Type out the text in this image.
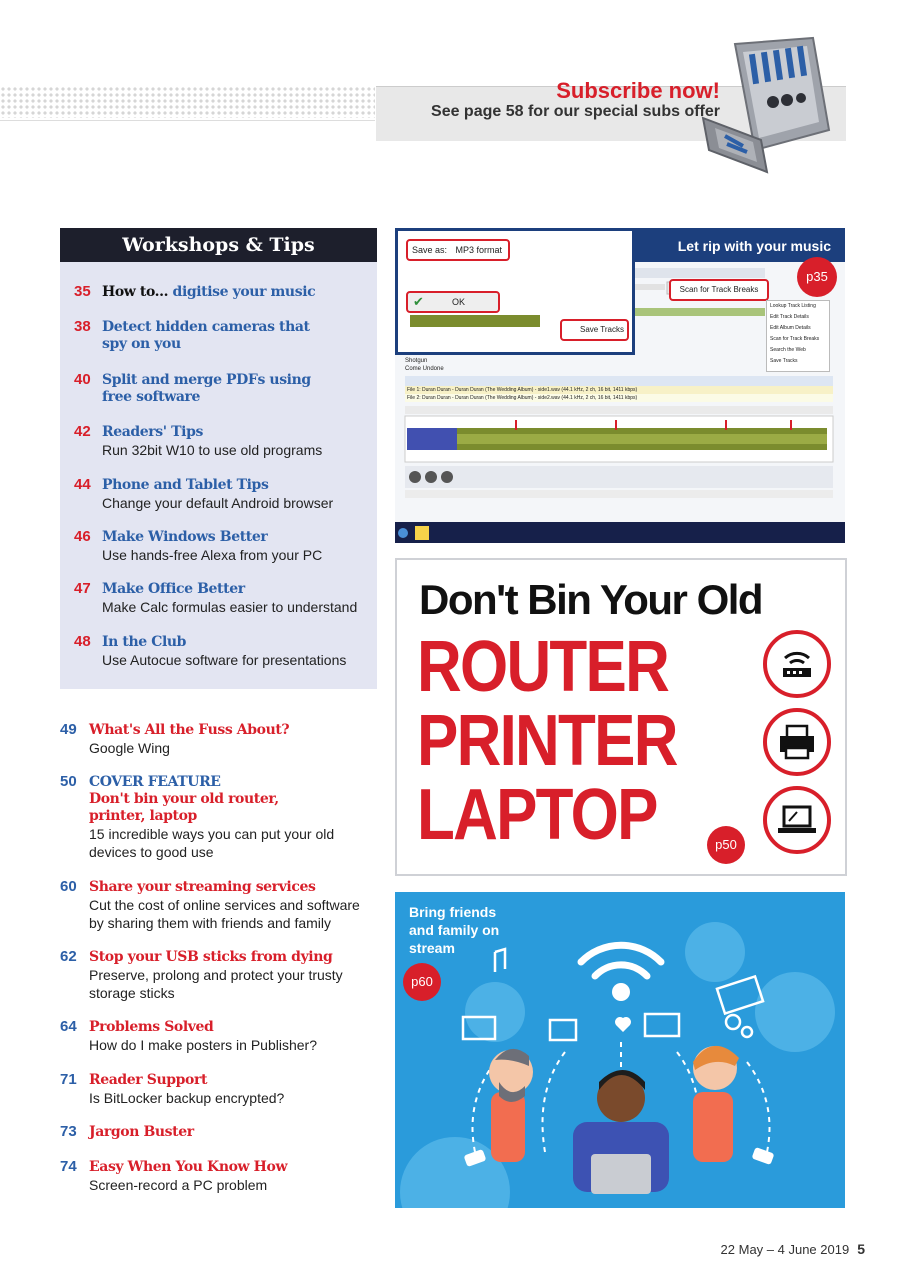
Subscribe now!
See page 58 for our special subs offer
Workshops & Tips
35 How to... digitise your music
38 Detect hidden cameras that
spy on you
40 Split and merge PDFs using
free software
42 Readers' Tips
Run 32bit W10 to use old programs
44 Phone and Tablet Tips
Change your default Android browser
46 Make Windows Better
Use hands-free Alexa from your PC
47 Make Office Better
Make Calc formulas easier to understand
48 In the Club
Use Autocue software for presentations
49 What's All the Fuss About?
Google Wing
50 COVER FEATURE
Don't bin your old router,
printer, laptop
15 incredible ways you can put your old
devices to good use
60 Share your streaming services
Cut the cost of online services and software
by sharing them with friends and family
62 Stop your USB sticks from dying
Preserve, prolong and protect your trusty
storage sticks
64 Problems Solved
How do I make posters in Publisher?
71 Reader Support
Is BitLocker backup encrypted?
73 Jargon Buster
74 Easy When You Know How
Screen-record a PC problem
Let rip with your music
p35
Save as: MP3 format
✔	OK
Save Tracks
Scan for Track Breaks
Lookup Track Listing
Edit Track Details
Edit Album Details
Scan for Track Breaks
Search the Web
Save Tracks
Shotgun
Come Undone
File 1: Duran Duran - Duran Duran (The Wedding Album) - side1.wav (44.1 kHz, 2 ch, 16 bit, 1411 kbps)
File 2: Duran Duran - Duran Duran (The Wedding Album) - side2.wav (44.1 kHz, 2 ch, 16 bit, 1411 kbps)
Don't Bin Your Old
ROUTER
PRINTER
LAPTOP	p50
Bring friends and family on stream
p60
22 May – 4 June 2019 5
